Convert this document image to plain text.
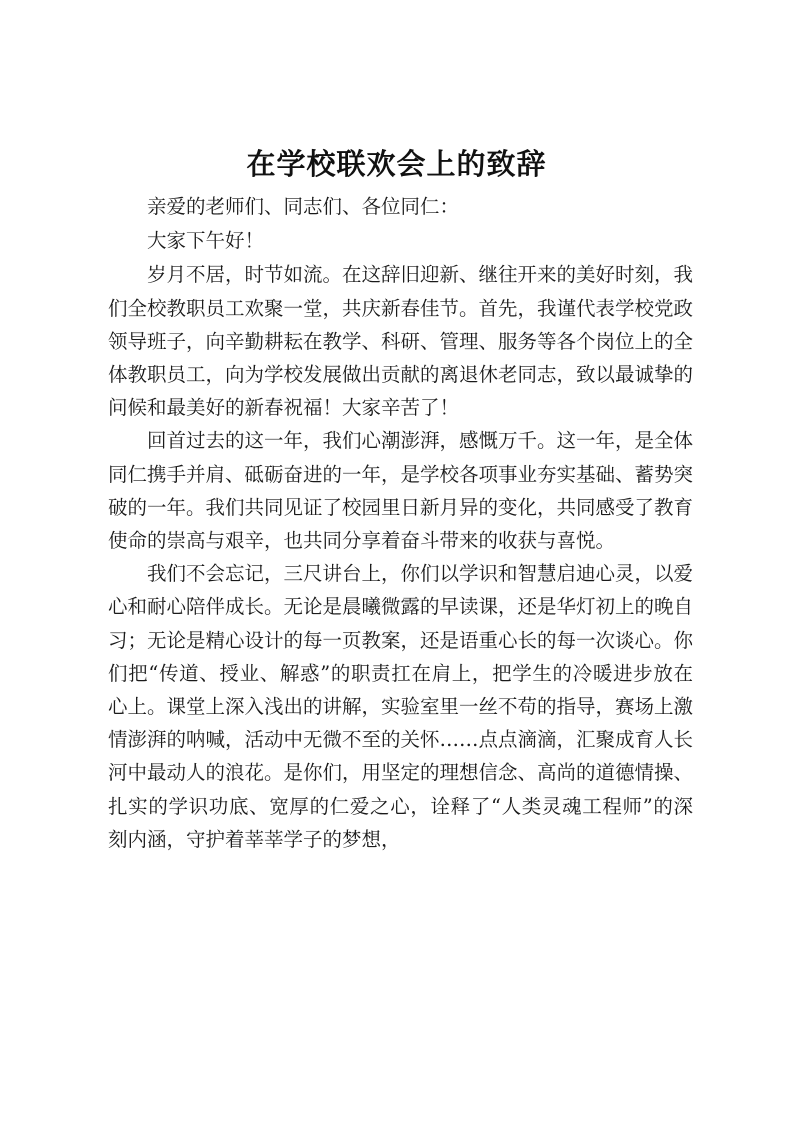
在学校联欢会上的致辞

亲爱的老师们、同志们、各位同仁：

大家下午好！

岁月不居，时节如流。在这辞旧迎新、继往开来的美好时刻，我们全校教职员工欢聚一堂，共庆新春佳节。首先，我谨代表学校党政领导班子，向辛勤耕耘在教学、科研、管理、服务等各个岗位上的全体教职员工，向为学校发展做出贡献的离退休老同志，致以最诚挚的问候和最美好的新春祝福！大家辛苦了！

回首过去的这一年，我们心潮澎湃，感慨万千。这一年，是全体同仁携手并肩、砥砺奋进的一年，是学校各项事业夯实基础、蓄势突破的一年。我们共同见证了校园里日新月异的变化，共同感受了教育使命的崇高与艰辛，也共同分享着奋斗带来的收获与喜悦。

我们不会忘记，三尺讲台上，你们以学识和智慧启迪心灵，以爱心和耐心陪伴成长。无论是晨曦微露的早读课，还是华灯初上的晚自习；无论是精心设计的每一页教案，还是语重心长的每一次谈心。你们把“传道、授业、解惑”的职责扛在肩上，把学生的冷暖进步放在心上。课堂上深入浅出的讲解，实验室里一丝不苟的指导，赛场上激情澎湃的呐喊，活动中无微不至的关怀……点点滴滴，汇聚成育人长河中最动人的浪花。是你们，用坚定的理想信念、高尚的道德情操、扎实的学识功底、宽厚的仁爱之心，诠释了“人类灵魂工程师”的深刻内涵，守护着莘莘学子的梦想，
